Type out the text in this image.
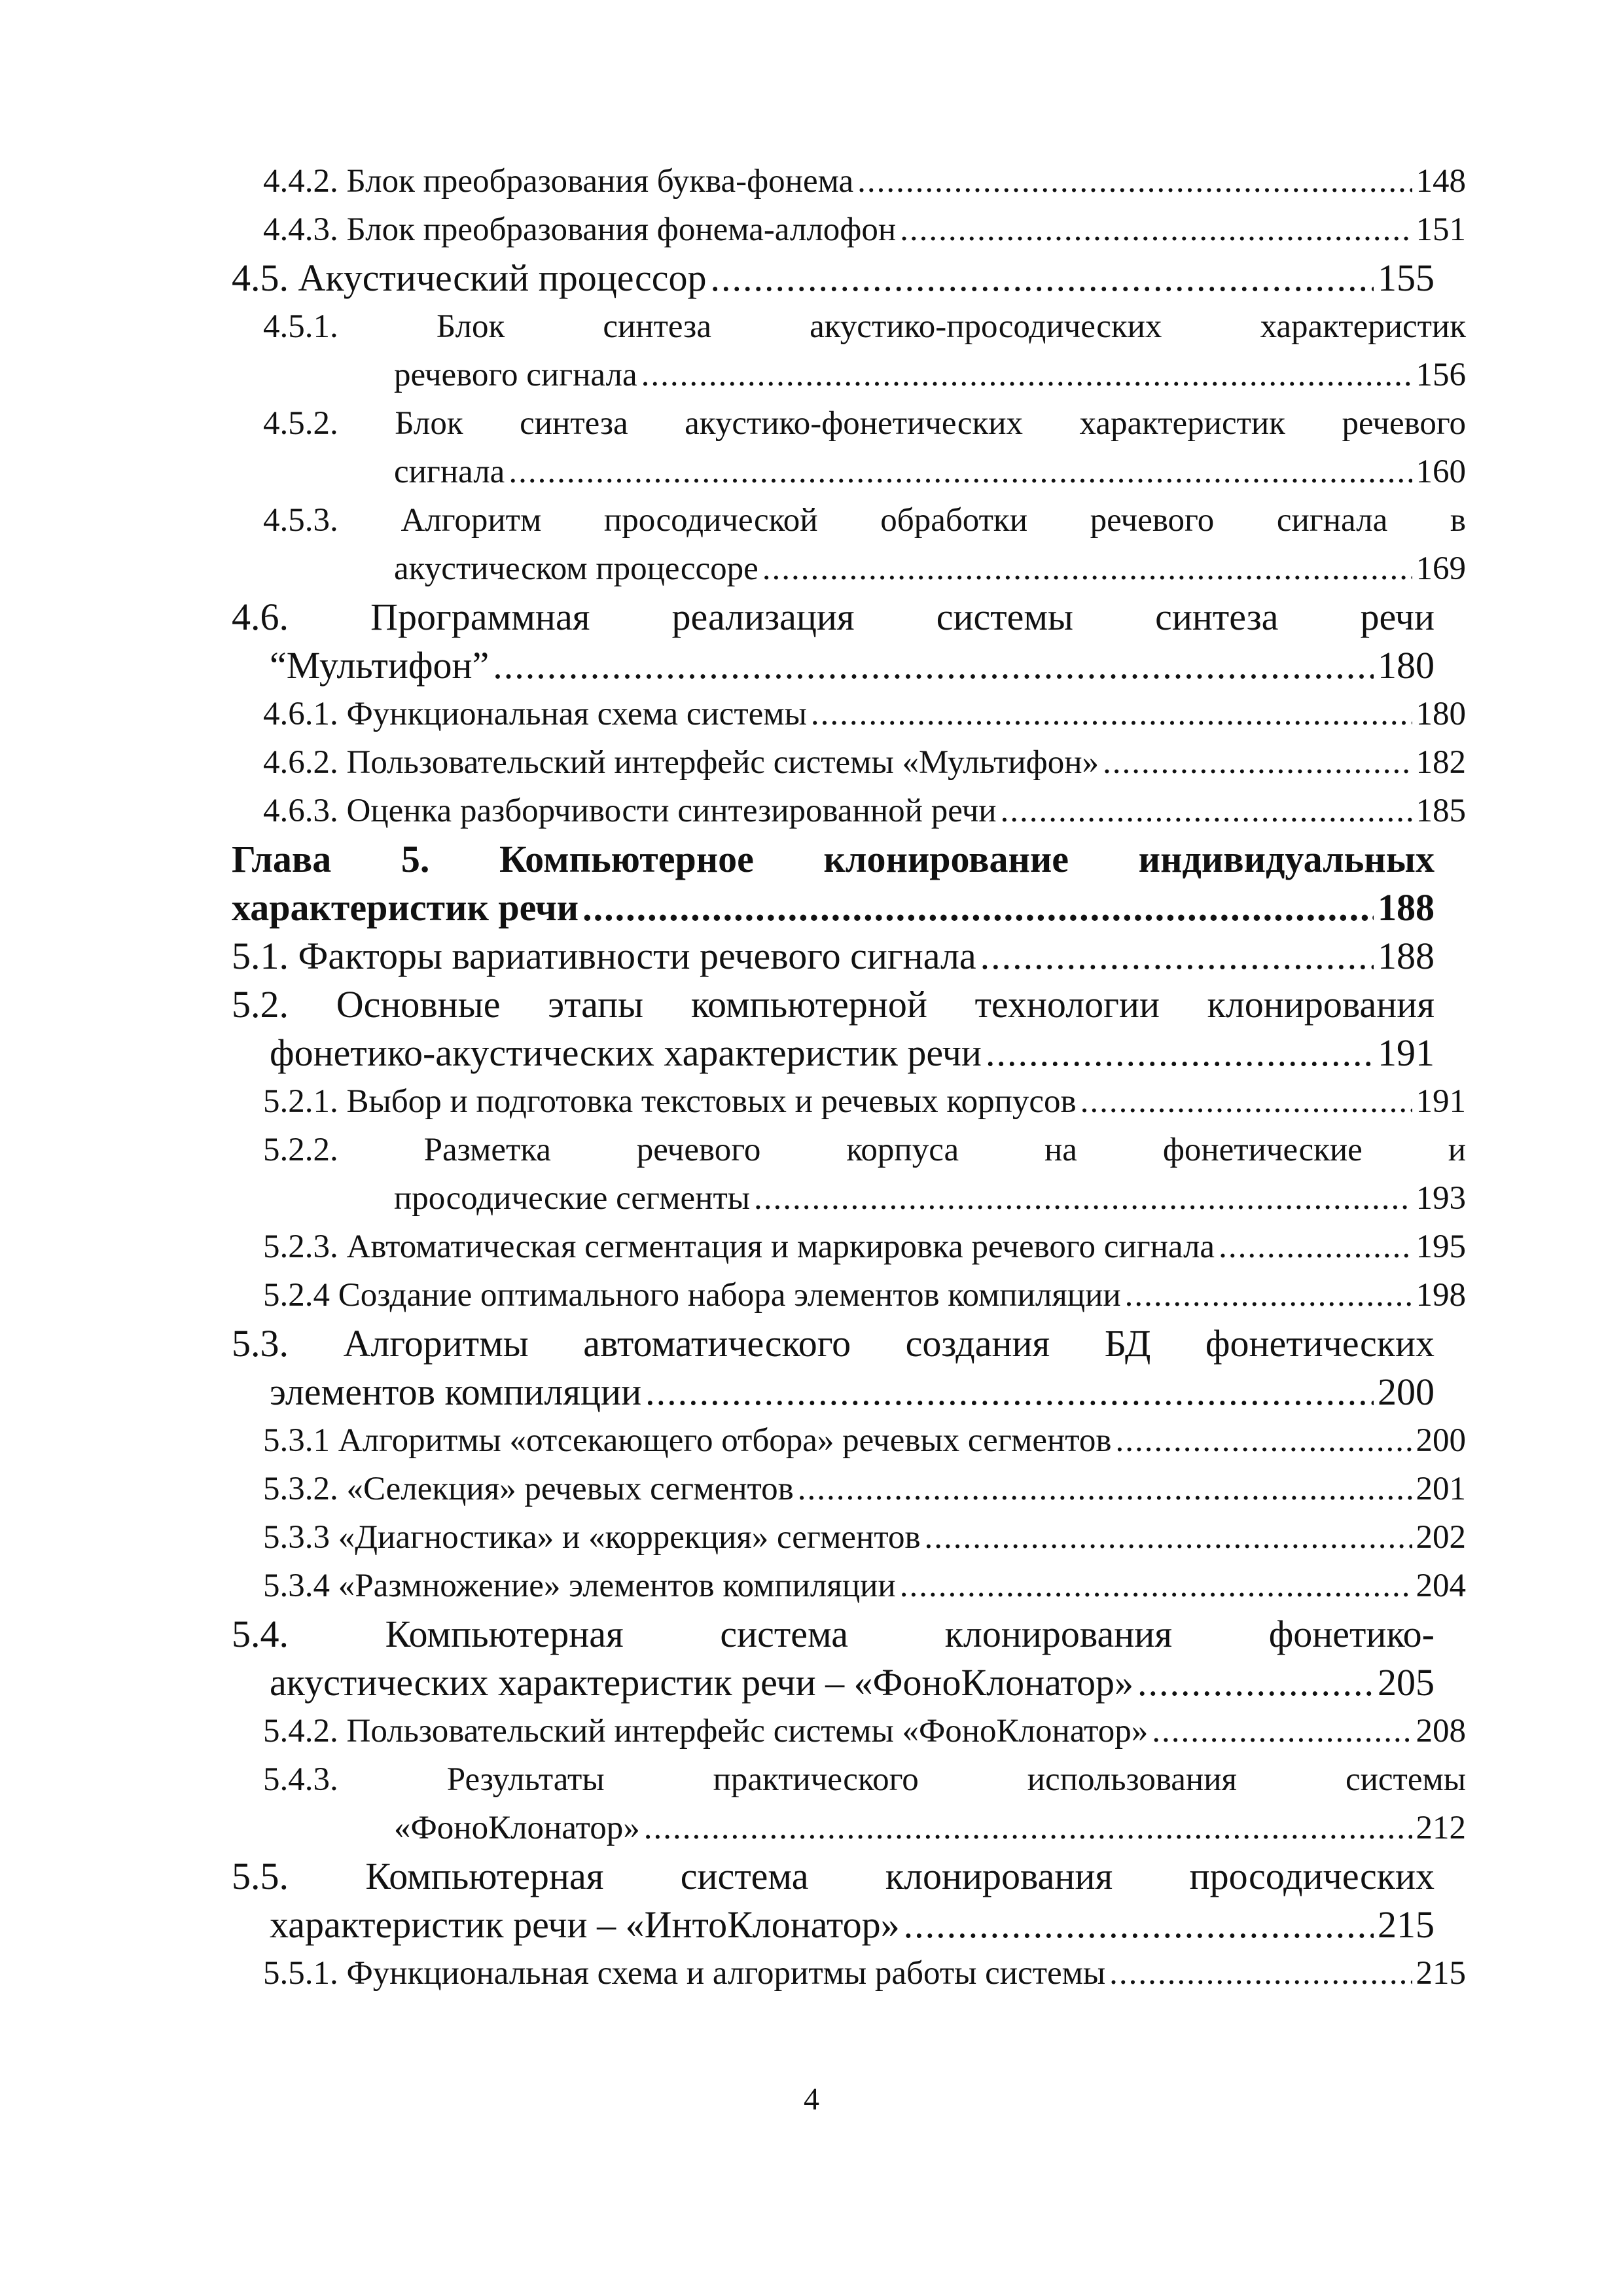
4.4.2. Блок преобразования буква-фонема .....	148
4.4.3. Блок преобразования фонема-аллофон .....	151
4.5. Акустический процессор .....	155
4.5.1. Блок синтеза акустико-просодических характеристик
речевого сигнала .....	156
4.5.2. Блок синтеза акустико-фонетических характеристик речевого
сигнала .....	160
4.5.3. Алгоритм просодической обработки речевого сигнала в
акустическом процессоре .....	169
4.6. Программная реализация системы синтеза речи
“Мультифон” .....	180
4.6.1. Функциональная схема системы .....	180
4.6.2. Пользовательский интерфейс системы «Мультифон» .....	182
4.6.3. Оценка разборчивости синтезированной речи .....	185
Глава 5. Компьютерное клонирование индивидуальных
характеристик речи .....	188
5.1. Факторы вариативности речевого сигнала .....	188
5.2. Основные этапы компьютерной технологии клонирования
фонетико-акустических характеристик речи .....	191
5.2.1. Выбор и подготовка текстовых и речевых корпусов .....	191
5.2.2. Разметка речевого корпуса на фонетические и
просодические сегменты .....	193
5.2.3. Автоматическая сегментация и маркировка речевого сигнала .....	195
5.2.4 Создание оптимального набора элементов компиляции .....	198
5.3. Алгоритмы автоматического создания БД фонетических
элементов компиляции .....	200
5.3.1 Алгоритмы «отсекающего отбора» речевых сегментов .....	200
5.3.2. «Селекция» речевых сегментов .....	201
5.3.3 «Диагностика» и «коррекция» сегментов .....	202
5.3.4 «Размножение» элементов компиляции .....	204
5.4. Компьютерная система клонирования фонетико-
акустических характеристик речи – «ФоноКлонатор» .....	205
5.4.2. Пользовательский интерфейс системы «ФоноКлонатор» .....	208
5.4.3. Результаты практического использования системы
«ФоноКлонатор» .....	212
5.5. Компьютерная система клонирования просодических
характеристик речи – «ИнтоКлонатор» .....	215
5.5.1. Функциональная схема и алгоритмы работы системы .....	215
4
